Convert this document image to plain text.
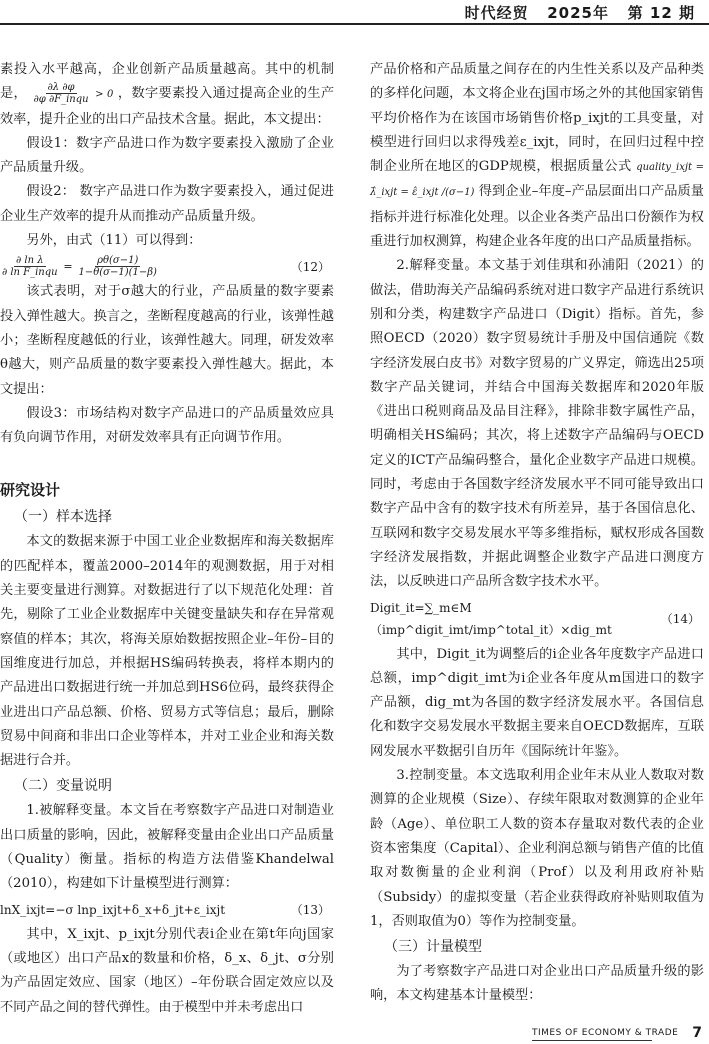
时代经贸 2025年 第 12 期

素投入水平越高，企业创新产品质量越高。其中的机制是， $\frac{\partial\lambda \partial\varphi}{\text{∂φ ∂F\_inqu}} > 0$ ，数字要素投入通过提高企业的生产效率，提升企业的出口产品技术含量。据此，本文提出：

假设1：数字产品进口作为数字要素投入激励了企业产品质量升级。

假设2： 数字产品进口作为数字要素投入，通过促进企业生产效率的提升从而推动产品质量升级。

另外，由式（11）可以得到：

$\frac{\text{∂ ln λ}}{\text{∂ ln F\_inqu}} = \frac{\rho\theta(\sigma-1)}{1-\theta(\sigma-1)(1-\beta)}$	（12）

该式表明，对于σ越大的行业，产品质量的数字要素投入弹性越大。换言之，垄断程度越高的行业，该弹性越小；垄断程度越低的行业，该弹性越大。同理，研发效率θ越大，则产品质量的数字要素投入弹性越大。据此，本文提出：

假设3：市场结构对数字产品进口的产品质量效应具有负向调节作用，对研发效率具有正向调节作用。

研究设计
（一）样本选择

本文的数据来源于中国工业企业数据库和海关数据库的匹配样本，覆盖2000–2014年的观测数据，用于对相关主要变量进行测算。对数据进行了以下规范化处理：首先，剔除了工业企业数据库中关键变量缺失和存在异常观察值的样本；其次，将海关原始数据按照企业–年份–目的国维度进行加总，并根据HS编码转换表，将样本期内的产品进出口数据进行统一并加总到HS6位码，最终获得企业进出口产品总额、价格、贸易方式等信息；最后，删除贸易中间商和非出口企业等样本，并对工业企业和海关数据进行合并。

（二）变量说明

1.被解释变量。本文旨在考察数字产品进口对制造业出口质量的影响，因此，被解释变量由企业出口产品质量（Quality）衡量。指标的构造方法借鉴Khandelwal（2010），构建如下计量模型进行测算：

lnX_ixjt=−σ lnp_ixjt+δ_x+δ_jt+ε_ixjt	（13）

其中，X_ixjt、p_ixjt分别代表i企业在第t年向j国家（或地区）出口产品x的数量和价格，δ_x、δ_jt、σ分别为产品固定效应、国家（地区）–年份联合固定效应以及不同产品之间的替代弹性。由于模型中并未考虑出口

产品价格和产品质量之间存在的内生性关系以及产品种类的多样化问题，本文将企业在j国市场之外的其他国家销售平均价格作为在该国市场销售价格p_ixjt的工具变量，对模型进行回归以求得残差ε_ixjt，同时，在回归过程中控制企业所在地区的GDP规模，根据质量公式 quality_ixjt = λ̂_ixjt = ε̂_ixjt /(σ−1) 得到企业–年度–产品层面出口产品质量指标并进行标准化处理。以企业各类产品出口份额作为权重进行加权测算，构建企业各年度的出口产品质量指标。

2.解释变量。本文基于刘佳琪和孙浦阳（2021）的做法，借助海关产品编码系统对进口数字产品进行系统识别和分类，构建数字产品进口（Digit）指标。首先，参照OECD（2020）数字贸易统计手册及中国信通院《数字经济发展白皮书》对数字贸易的广义界定，筛选出25项数字产品关键词，并结合中国海关数据库和2020年版《进出口税则商品及品目注释》，排除非数字属性产品，明确相关HS编码；其次，将上述数字产品编码与OECD定义的ICT产品编码整合，量化企业数字产品进口规模。同时，考虑由于各国数字经济发展水平不同可能导致出口数字产品中含有的数字技术有所差异，基于各国信息化、互联网和数字交易发展水平等多维指标，赋权形成各国数字经济发展指数，并据此调整企业数字产品进口测度方法，以反映进口产品所含数字技术水平。

Digit_it=∑_m∈M（imp^digit_imt/imp^total_it）×dig_mt
（14）

其中，Digit_it为调整后的i企业各年度数字产品进口总额，imp^digit_imt为i企业各年度从m国进口的数字产品额，dig_mt为各国的数字经济发展水平。各国信息化和数字交易发展水平数据主要来自OECD数据库，互联网发展水平数据引自历年《国际统计年鉴》。

3.控制变量。本文选取利用企业年末从业人数取对数测算的企业规模（Size）、存续年限取对数测算的企业年龄（Age）、单位职工人数的资本存量取对数代表的企业资本密集度（Capital）、企业利润总额与销售产值的比值取对数衡量的企业利润（Prof）以及利用政府补贴（Subsidy）的虚拟变量（若企业获得政府补贴则取值为1，否则取值为0）等作为控制变量。

（三）计量模型

为了考察数字产品进口对企业出口产品质量升级的影响，本文构建基本计量模型：

TIMES OF ECONOMY & TRADE 7
